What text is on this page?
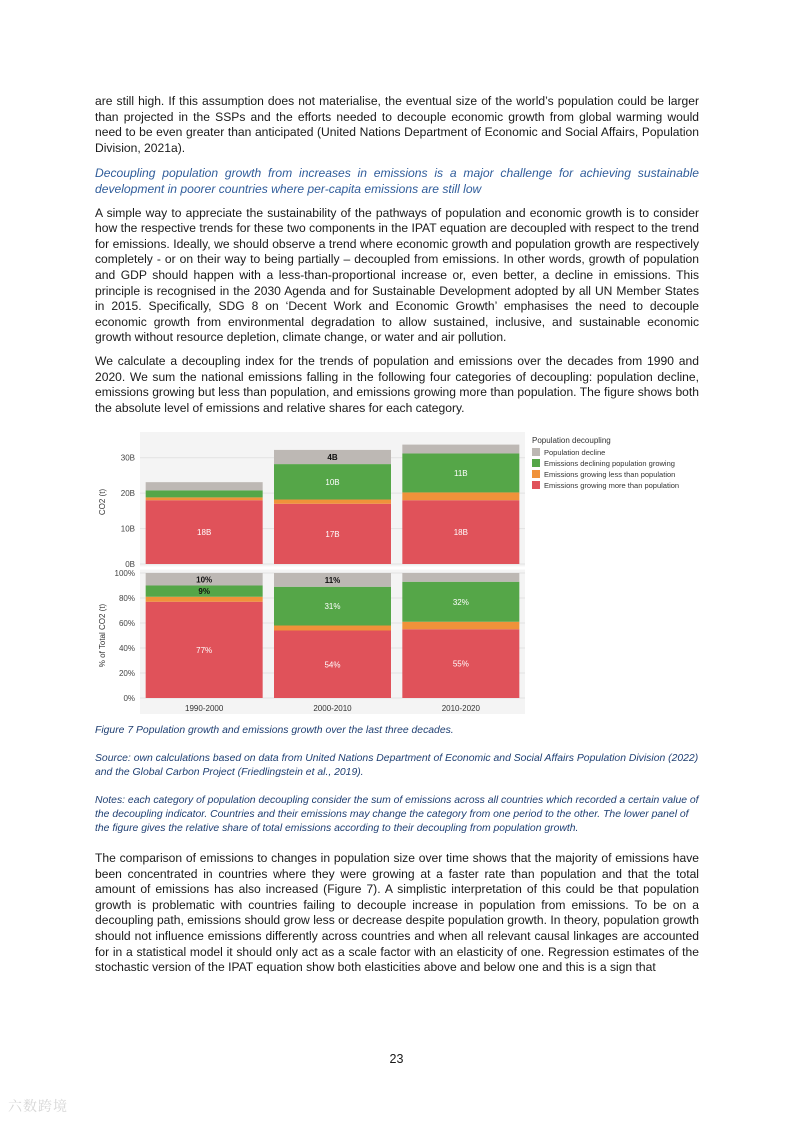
are still high. If this assumption does not materialise, the eventual size of the world’s population could be larger than projected in the SSPs and the efforts needed to decouple economic growth from global warming would need to be even greater than anticipated (United Nations Department of Economic and Social Affairs, Population Division, 2021a).

Decoupling population growth from increases in emissions is a major challenge for achieving sustainable development in poorer countries where per-capita emissions are still low

A simple way to appreciate the sustainability of the pathways of population and economic growth is to consider how the respective trends for these two components in the IPAT equation are decoupled with respect to the trend for emissions. Ideally, we should observe a trend where economic growth and population growth are respectively completely - or on their way to being partially – decoupled from emissions. In other words, growth of population and GDP should happen with a less-than-proportional increase or, even better, a decline in emissions. This principle is recognised in the 2030 Agenda and for Sustainable Development adopted by all UN Member States in 2015. Specifically, SDG 8 on ‘Decent Work and Economic Growth’ emphasises the need to decouple economic growth from environmental degradation to allow sustained, inclusive, and sustainable economic growth without resource depletion, climate change, or water and air pollution.

We calculate a decoupling index for the trends of population and emissions over the decades from 1990 and 2020. We sum the national emissions falling in the following four categories of decoupling: population decline, emissions growing but less than population, and emissions growing more than population. The figure shows both the absolute level of emissions and relative shares for each category.

0B
10B
20B
30B
CO2 (t)
18B	17B
10B
4B
18B
11B
0%
20%
40%
60%
80%
100%
% of Total CO2 (t)	77%
9%
10%
1990-2000
54%
31%
11%
2000-2010
55%
32%
2010-2020
Population decoupling
Population decline
Emissions declining population growing
Emissions growing less than population
Emissions growing more than population

Figure 7 Population growth and emissions growth over the last three decades.

Source: own calculations based on data from United Nations Department of Economic and Social Affairs Population Division (2022) and the Global Carbon Project (Friedlingstein et al., 2019).

Notes: each category of population decoupling consider the sum of emissions across all countries which recorded a certain value of the decoupling indicator. Countries and their emissions may change the category from one period to the other. The lower panel of the figure gives the relative share of total emissions according to their decoupling from population growth.

The comparison of emissions to changes in population size over time shows that the majority of emissions have been concentrated in countries where they were growing at a faster rate than population and that the total amount of emissions has also increased (Figure 7). A simplistic interpretation of this could be that population growth is problematic with countries failing to decouple increase in population from emissions. To be on a decoupling path, emissions should grow less or decrease despite population growth. In theory, population growth should not influence emissions differently across countries and when all relevant causal linkages are accounted for in a statistical model it should only act as a scale factor with an elasticity of one. Regression estimates of the stochastic version of the IPAT equation show both elasticities above and below one and this is a sign that

23
六数跨境
